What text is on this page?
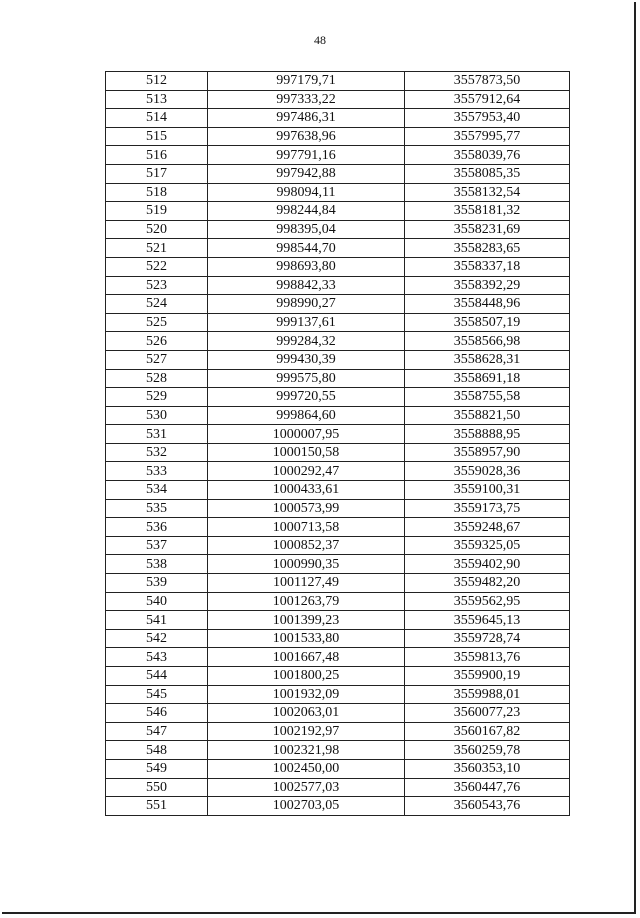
48
512	997179,71	3557873,50
513	997333,22	3557912,64
514	997486,31	3557953,40
515	997638,96	3557995,77
516	997791,16	3558039,76
517	997942,88	3558085,35
518	998094,11	3558132,54
519	998244,84	3558181,32
520	998395,04	3558231,69
521	998544,70	3558283,65
522	998693,80	3558337,18
523	998842,33	3558392,29
524	998990,27	3558448,96
525	999137,61	3558507,19
526	999284,32	3558566,98
527	999430,39	3558628,31
528	999575,80	3558691,18
529	999720,55	3558755,58
530	999864,60	3558821,50
531	1000007,95	3558888,95
532	1000150,58	3558957,90
533	1000292,47	3559028,36
534	1000433,61	3559100,31
535	1000573,99	3559173,75
536	1000713,58	3559248,67
537	1000852,37	3559325,05
538	1000990,35	3559402,90
539	1001127,49	3559482,20
540	1001263,79	3559562,95
541	1001399,23	3559645,13
542	1001533,80	3559728,74
543	1001667,48	3559813,76
544	1001800,25	3559900,19
545	1001932,09	3559988,01
546	1002063,01	3560077,23
547	1002192,97	3560167,82
548	1002321,98	3560259,78
549	1002450,00	3560353,10
550	1002577,03	3560447,76
551	1002703,05	3560543,76
